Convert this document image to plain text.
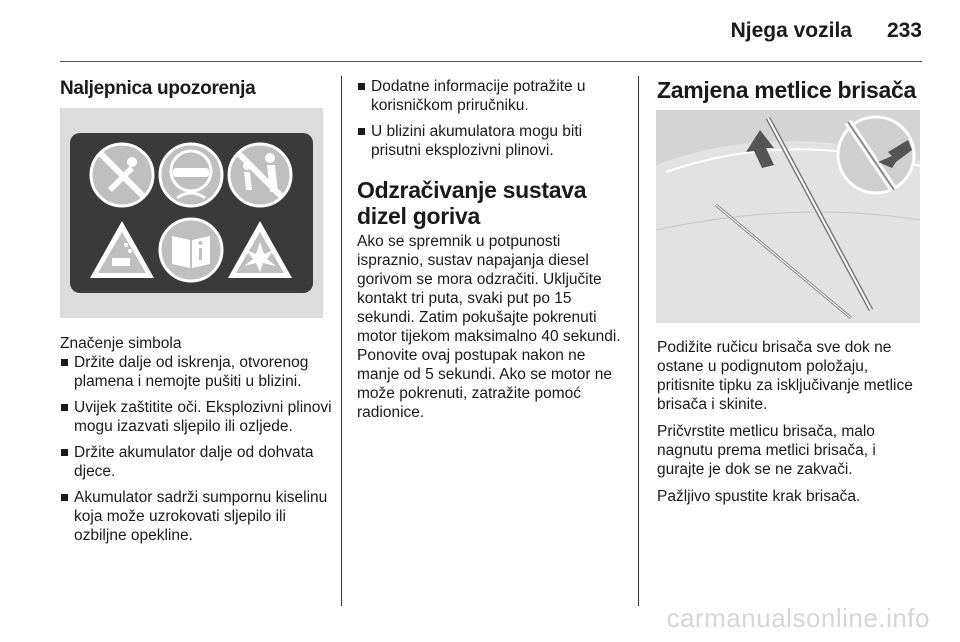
Njega vozila 233
Naljepnica upozorenja
Značenje simbola
Držite dalje od iskrenja, otvorenog plamena i nemojte pušiti u blizini.
Uvijek zaštitite oči. Eksplozivni plinovi mogu izazvati sljepilo ili ozljede.
Držite akumulator dalje od dohvata djece.
Akumulator sadrži sumpornu kiselinu koja može uzrokovati sljepilo ili ozbiljne opekline.
Dodatne informacije potražite u korisničkom priručniku.
U blizini akumulatora mogu biti prisutni eksplozivni plinovi.
Odzračivanje sustava dizel goriva
Ako se spremnik u potpunosti ispraznio, sustav napajanja diesel gorivom se mora odzračiti. Uključite kontakt tri puta, svaki put po 15 sekundi. Zatim pokušajte pokrenuti motor tijekom maksimalno 40 sekundi. Ponovite ovaj postupak nakon ne manje od 5 sekundi. Ako se motor ne može pokrenuti, zatražite pomoć radionice.
Zamjena metlice brisača
Podižite ručicu brisača sve dok ne ostane u podignutom položaju, pritisnite tipku za isključivanje metlice brisača i skinite.
Pričvrstite metlicu brisača, malo nagnutu prema metlici brisača, i gurajte je dok se ne zakvači.
Pažljivo spustite krak brisača.
carmanualsonline.info
